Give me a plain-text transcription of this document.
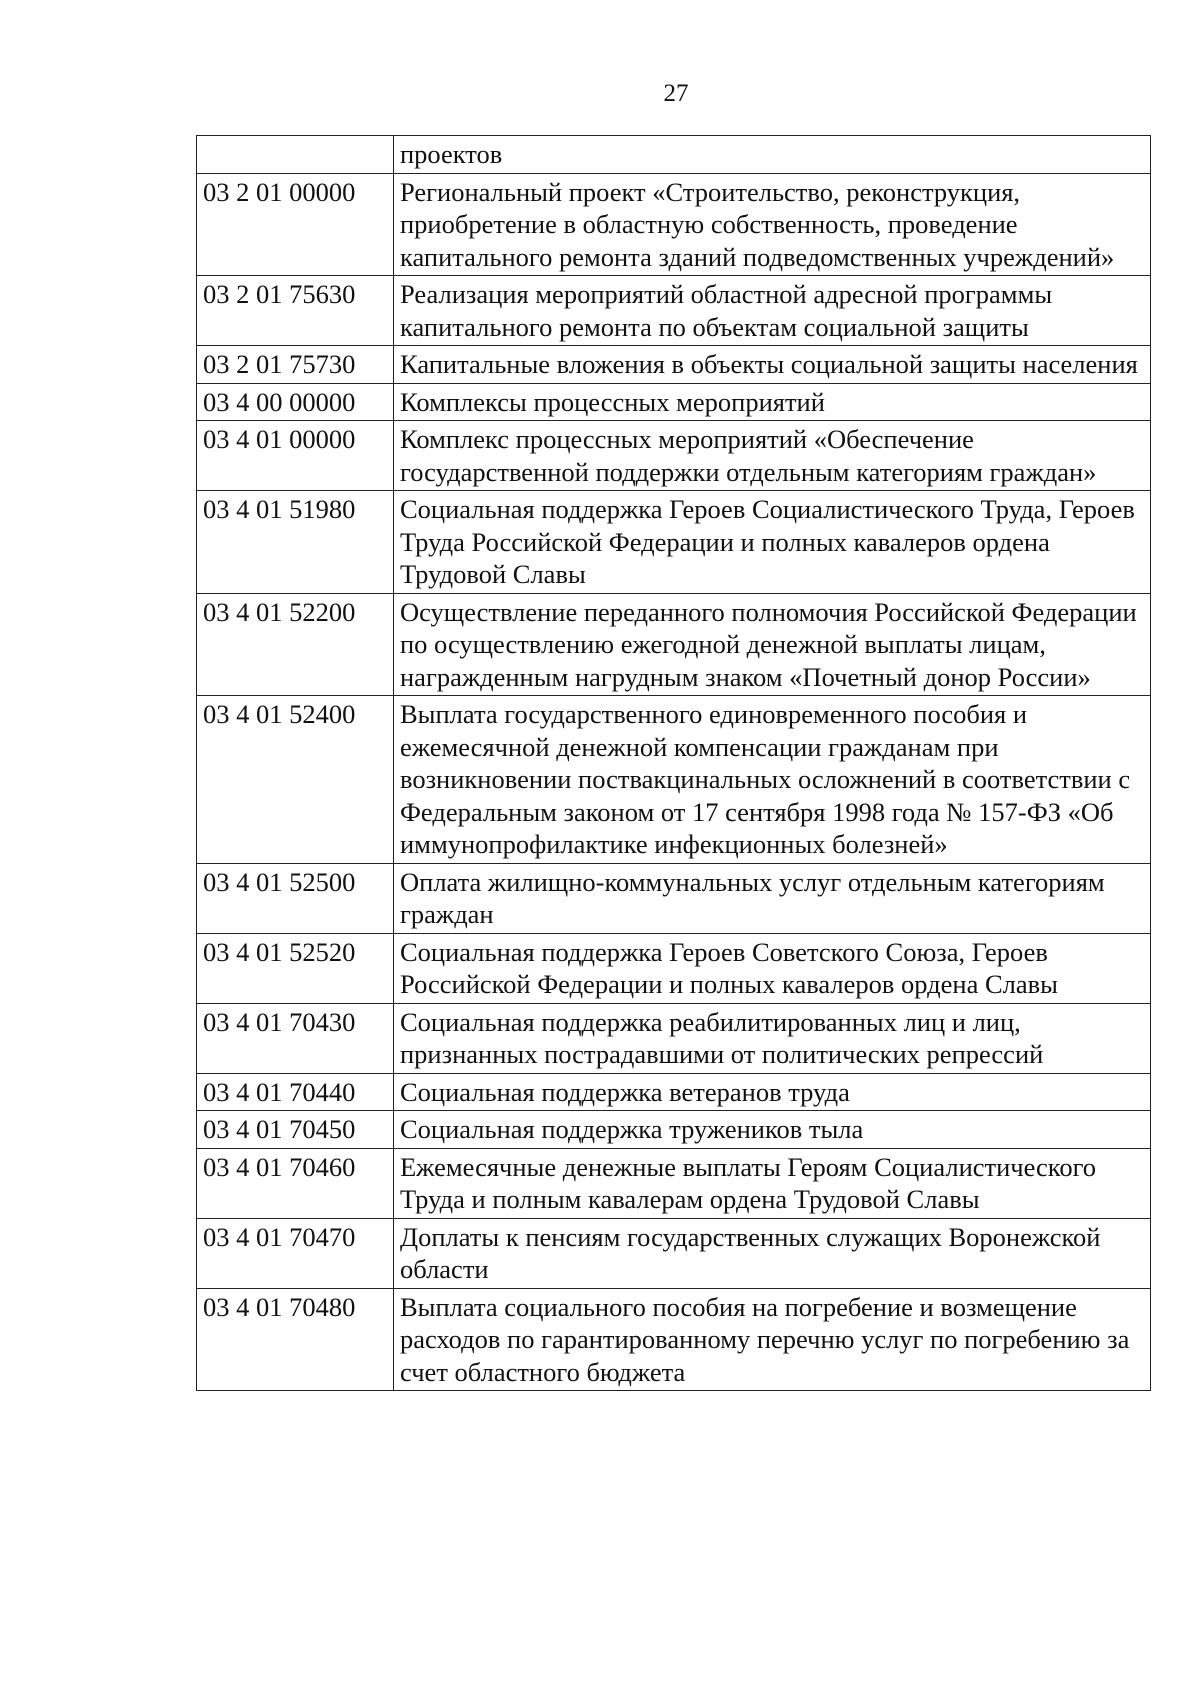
27
	проектов
03 2 01 00000	Региональный проект «Строительство, реконструкция, приобретение в областную собственность, проведение капитального ремонта зданий подведомственных учреждений»
03 2 01 75630	Реализация мероприятий областной адресной программы капитального ремонта по объектам социальной защиты
03 2 01 75730	Капитальные вложения в объекты социальной защиты населения
03 4 00 00000	Комплексы процессных мероприятий
03 4 01 00000	Комплекс процессных мероприятий «Обеспечение государственной поддержки отдельным категориям граждан»
03 4 01 51980	Социальная поддержка Героев Социалистического Труда, Героев Труда Российской Федерации и полных кавалеров ордена Трудовой Славы
03 4 01 52200	Осуществление переданного полномочия Российской Федерации по осуществлению ежегодной денежной выплаты лицам, награжденным нагрудным знаком «Почетный донор России»
03 4 01 52400	Выплата государственного единовременного пособия и ежемесячной денежной компенсации гражданам при возникновении поствакцинальных осложнений в соответствии с Федеральным законом от 17 сентября 1998 года № 157-ФЗ «Об иммунопрофилактике инфекционных болезней»
03 4 01 52500	Оплата жилищно-коммунальных услуг отдельным категориям граждан
03 4 01 52520	Социальная поддержка Героев Советского Союза, Героев Российской Федерации и полных кавалеров ордена Славы
03 4 01 70430	Социальная поддержка реабилитированных лиц и лиц, признанных пострадавшими от политических репрессий
03 4 01 70440	Социальная поддержка ветеранов труда
03 4 01 70450	Социальная поддержка тружеников тыла
03 4 01 70460	Ежемесячные денежные выплаты Героям Социалистического Труда и полным кавалерам ордена Трудовой Славы
03 4 01 70470	Доплаты к пенсиям государственных служащих Воронежской области
03 4 01 70480	Выплата социального пособия на погребение и возмещение расходов по гарантированному перечню услуг по погребению за счет областного бюджета
